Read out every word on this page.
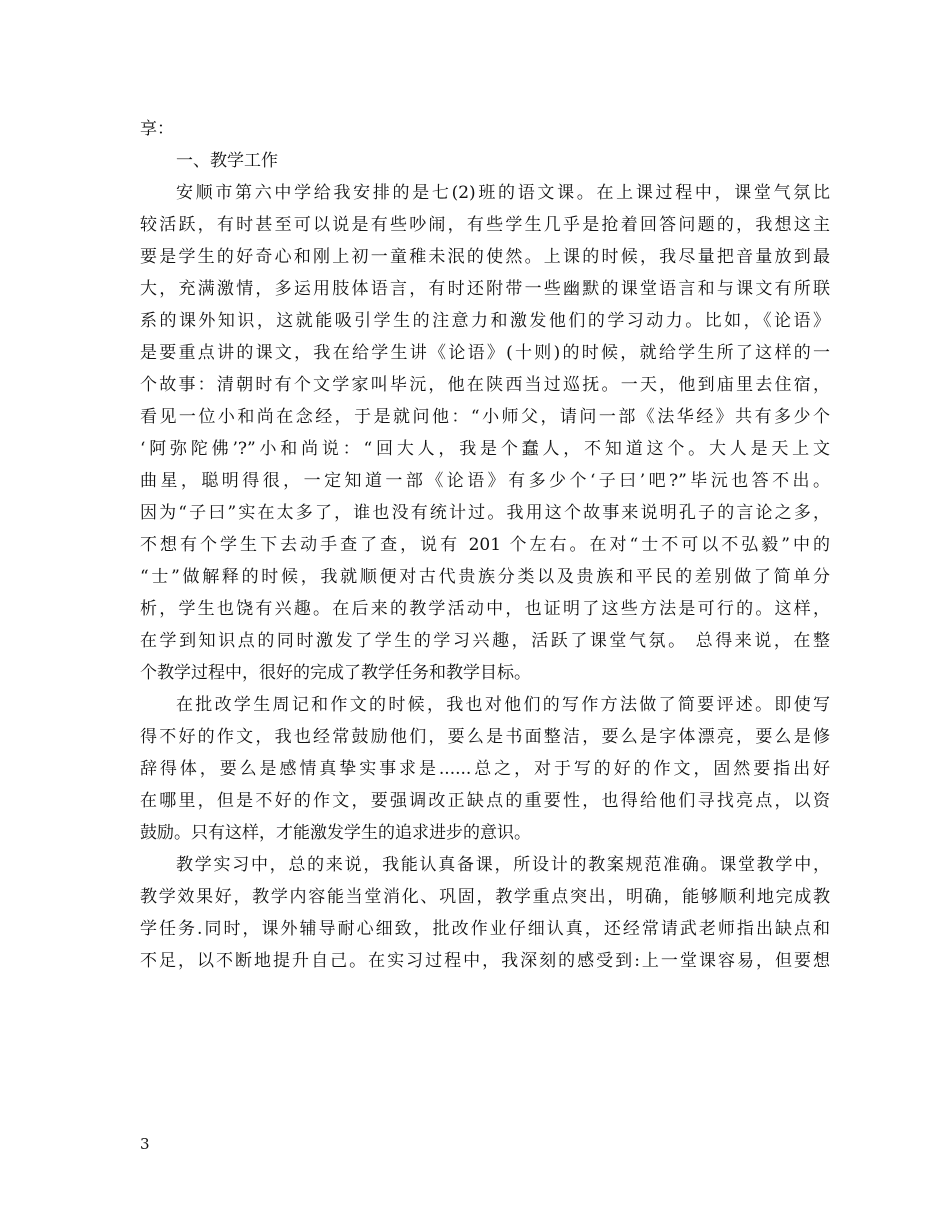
享：
一、教学工作
安顺市第六中学给我安排的是七(2)班的语文课。在上课过程中，课堂气氛比
较活跃，有时甚至可以说是有些吵闹，有些学生几乎是抢着回答问题的，我想这主
要是学生的好奇心和刚上初一童稚未泯的使然。上课的时候，我尽量把音量放到最
大，充满激情，多运用肢体语言，有时还附带一些幽默的课堂语言和与课文有所联
系的课外知识，这就能吸引学生的注意力和激发他们的学习动力。比如，《论语》
是要重点讲的课文，我在给学生讲《论语》(十则)的时候，就给学生所了这样的一
个故事：清朝时有个文学家叫毕沅，他在陕西当过巡抚。一天，他到庙里去住宿，
看见一位小和尚在念经，于是就问他：“小师父，请问一部《法华经》共有多少个
‘阿弥陀佛’?”小和尚说：“回大人，我是个蠢人，不知道这个。大人是天上文
曲星，聪明得很，一定知道一部《论语》有多少个‘子曰’吧?”毕沅也答不出。
因为“子曰”实在太多了，谁也没有统计过。我用这个故事来说明孔子的言论之多，
不想有个学生下去动手查了查，说有 201 个左右。在对“士不可以不弘毅”中的
“士”做解释的时候，我就顺便对古代贵族分类以及贵族和平民的差别做了简单分
析，学生也饶有兴趣。在后来的教学活动中，也证明了这些方法是可行的。这样，
在学到知识点的同时激发了学生的学习兴趣，活跃了课堂气氛。 总得来说，在整
个教学过程中，很好的完成了教学任务和教学目标。
在批改学生周记和作文的时候，我也对他们的写作方法做了简要评述。即使写
得不好的作文，我也经常鼓励他们，要么是书面整洁，要么是字体漂亮，要么是修
辞得体，要么是感情真挚实事求是......总之，对于写的好的作文，固然要指出好
在哪里，但是不好的作文，要强调改正缺点的重要性，也得给他们寻找亮点，以资
鼓励。只有这样，才能激发学生的追求进步的意识。
教学实习中，总的来说，我能认真备课，所设计的教案规范准确。课堂教学中，
教学效果好，教学内容能当堂消化、巩固，教学重点突出，明确，能够顺利地完成教
学任务.同时，课外辅导耐心细致，批改作业仔细认真，还经常请武老师指出缺点和
不足，以不断地提升自己。在实习过程中，我深刻的感受到:上一堂课容易，但要想
3
